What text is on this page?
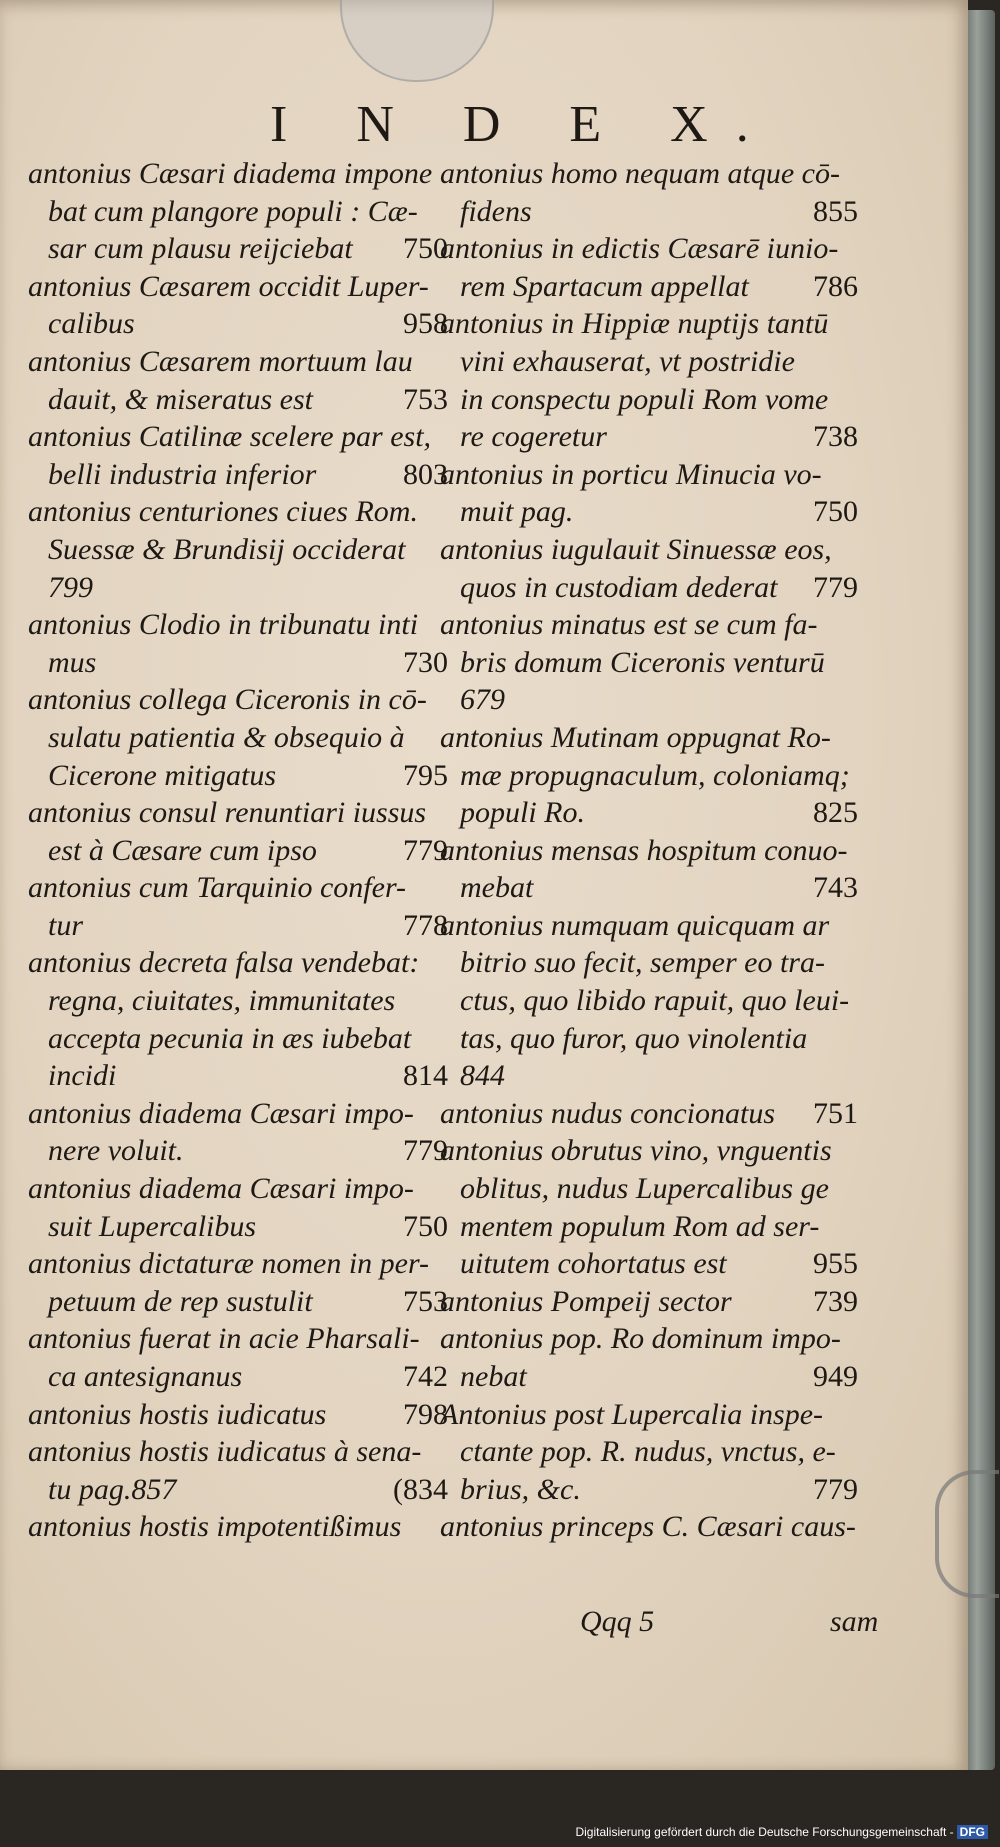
I N D E X.
antonius Cæsari diadema impone
bat cum plangore populi : Cæ-
sar cum plausu reijciebat 750
antonius Cæsarem occidit Luper-
calibus	958
antonius Cæsarem mortuum lau
dauit, & miseratus est	753
antonius Catilinæ scelere par est,
belli industria inferior	803
antonius centuriones ciues Rom.
Suessæ & Brundisij occiderat
799
antonius Clodio in tribunatu inti
mus	730
antonius collega Ciceronis in cō-
sulatu patientia & obsequio à
Cicerone mitigatus	795
antonius consul renuntiari iussus
est à Cæsare cum ipso	779
antonius cum Tarquinio confer-
tur	778
antonius decreta falsa vendebat:
regna, ciuitates, immunitates
accepta pecunia in æs iubebat
incidi	814
antonius diadema Cæsari impo-
nere voluit.	779
antonius diadema Cæsari impo-
suit Lupercalibus	750
antonius dictaturæ nomen in per-
petuum de rep sustulit	753
antonius fuerat in acie Pharsali-
ca antesignanus	742
antonius hostis iudicatus	798
antonius hostis iudicatus à sena-
tu pag.857	(834
antonius hostis impotentißimus
antonius homo nequam atque cō-
fidens	855
antonius in edictis Cæsarē iunio-
rem Spartacum appellat 786
antonius in Hippiæ nuptijs tantū
vini exhauserat, vt postridie
in conspectu populi Rom vome
re cogeretur	738
antonius in porticu Minucia vo-
muit pag.	750
antonius iugulauit Sinuessæ eos,
quos in custodiam dederat 779
antonius minatus est se cum fa-
bris domum Ciceronis venturū
679
antonius Mutinam oppugnat Ro-
mæ propugnaculum, coloniamq;
populi Ro.	825
antonius mensas hospitum conuo-
mebat	743
antonius numquam quicquam ar
bitrio suo fecit, semper eo tra-
ctus, quo libido rapuit, quo leui-
tas, quo furor, quo vinolentia
844
antonius nudus concionatus 751
antonius obrutus vino, vnguentis
oblitus, nudus Lupercalibus ge
mentem populum Rom ad ser-
uitutem cohortatus est	955
antonius Pompeij sector	739
antonius pop. Ro dominum impo-
nebat	949
Antonius post Lupercalia inspe-
ctante pop. R. nudus, vnctus, e-
brius, &c.	779
antonius princeps C. Cæsari caus-
Qqq 5	sam
Digitalisierung gefördert durch die Deutsche Forschungsgemeinschaft - DFG
